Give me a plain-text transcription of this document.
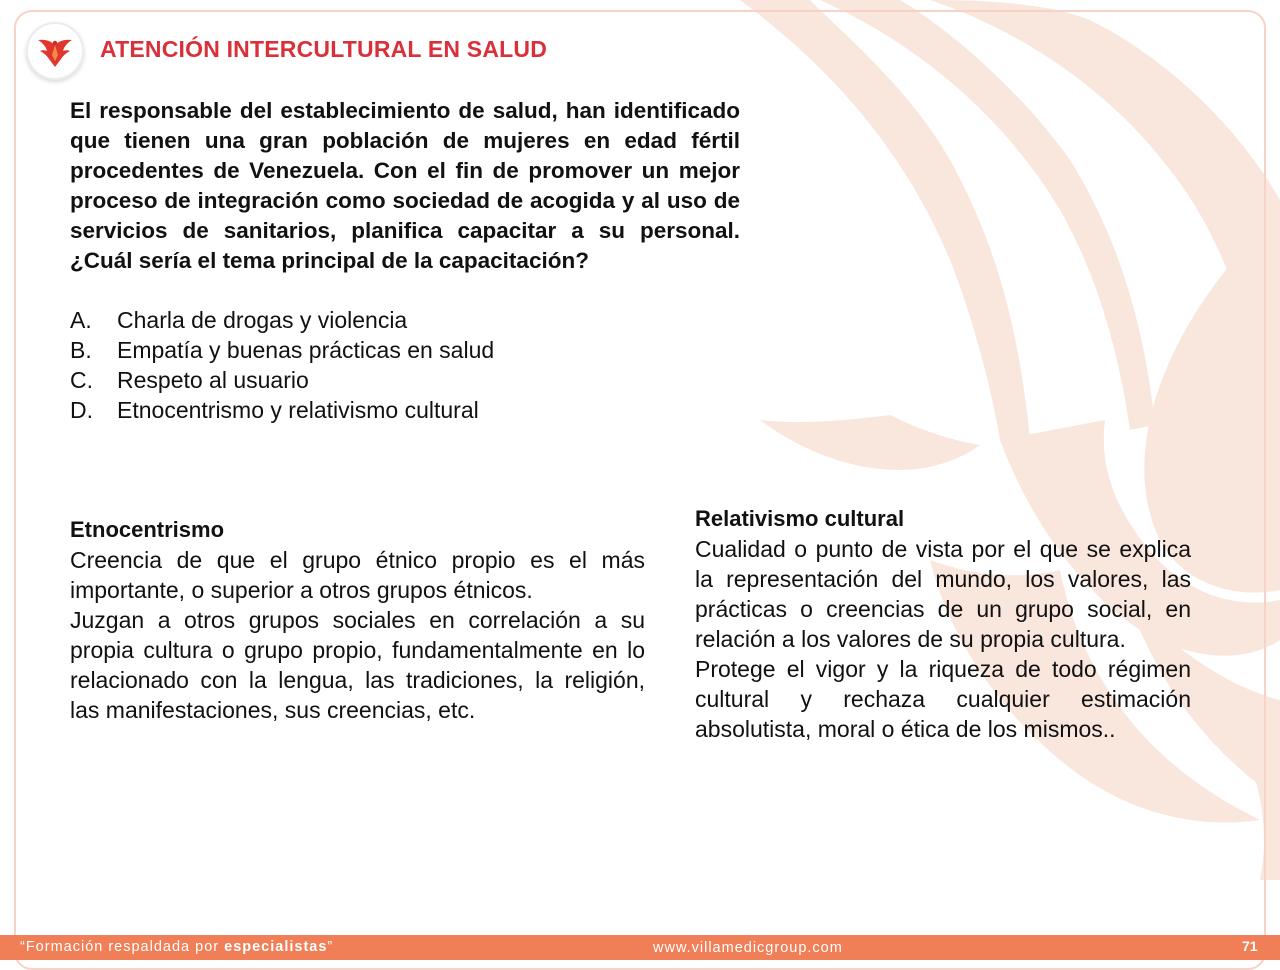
ATENCIÓN INTERCULTURAL EN SALUD
El responsable del establecimiento de salud, han identificado que tienen una gran población de mujeres en edad fértil procedentes de Venezuela. Con el fin de promover un mejor proceso de integración como sociedad de acogida y al uso de servicios de sanitarios, planifica capacitar a su personal. ¿Cuál sería el tema principal de la capacitación?
A. Charla de drogas y violencia
B. Empatía y buenas prácticas en salud
C. Respeto al usuario
D. Etnocentrismo y relativismo cultural
Etnocentrismo

Creencia de que el grupo étnico propio es el más importante, o superior a otros grupos étnicos.

Juzgan a otros grupos sociales en correlación a su propia cultura o grupo propio, fundamentalmente en lo relacionado con la lengua, las tradiciones, la religión, las manifestaciones, sus creencias, etc.

Relativismo cultural

Cualidad o punto de vista por el que se explica la representación del mundo, los valores, las prácticas o creencias de un grupo social, en relación a los valores de su propia cultura.

Protege el vigor y la riqueza de todo régimen cultural y rechaza cualquier estimación absolutista, moral o ética de los mismos..

“Formación respaldada por especialistas”	www.villamedicgroup.com	71
